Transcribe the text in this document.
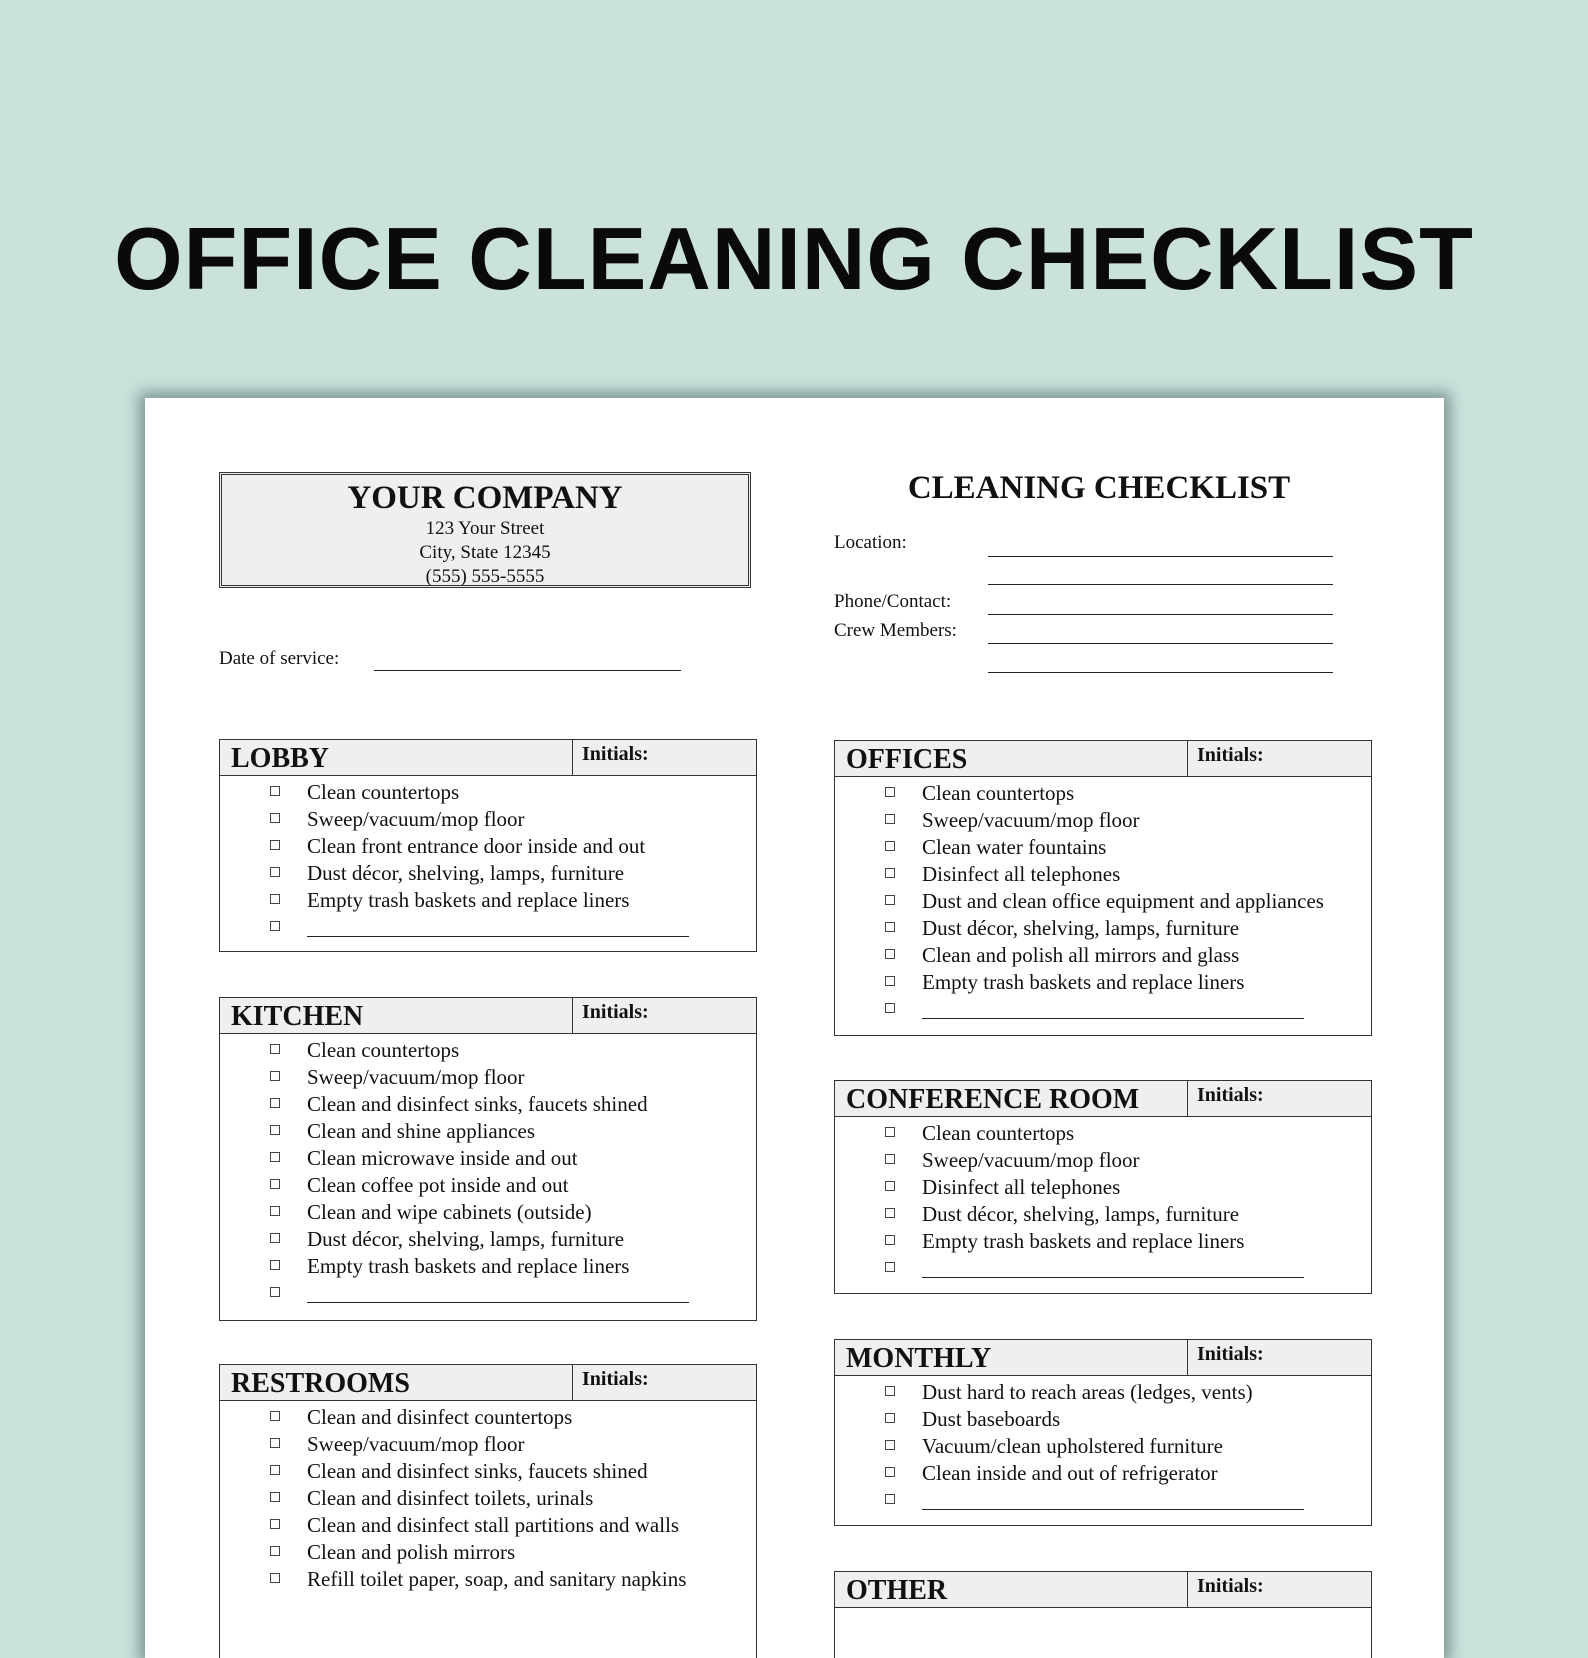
OFFICE CLEANING CHECKLIST
YOUR COMPANY
123 Your Street
City, State 12345
(555) 555-5555
CLEANING CHECKLIST
Location:
Phone/Contact:
Crew Members:
Date of service:
LOBBY	Initials:
Clean countertops
Sweep/vacuum/mop floor
Clean front entrance door inside and out
Dust décor, shelving, lamps, furniture
Empty trash baskets and replace liners
KITCHEN	Initials:
Clean countertops
Sweep/vacuum/mop floor
Clean and disinfect sinks, faucets shined
Clean and shine appliances
Clean microwave inside and out
Clean coffee pot inside and out
Clean and wipe cabinets (outside)
Dust décor, shelving, lamps, furniture
Empty trash baskets and replace liners
RESTROOMS	Initials:
Clean and disinfect countertops
Sweep/vacuum/mop floor
Clean and disinfect sinks, faucets shined
Clean and disinfect toilets, urinals
Clean and disinfect stall partitions and walls
Clean and polish mirrors
Refill toilet paper, soap, and sanitary napkins
OFFICES	Initials:
Clean countertops
Sweep/vacuum/mop floor
Clean water fountains
Disinfect all telephones
Dust and clean office equipment and appliances
Dust décor, shelving, lamps, furniture
Clean and polish all mirrors and glass
Empty trash baskets and replace liners
CONFERENCE ROOM	Initials:
Clean countertops
Sweep/vacuum/mop floor
Disinfect all telephones
Dust décor, shelving, lamps, furniture
Empty trash baskets and replace liners
MONTHLY	Initials:
Dust hard to reach areas (ledges, vents)
Dust baseboards
Vacuum/clean upholstered furniture
Clean inside and out of refrigerator
OTHER	Initials:
